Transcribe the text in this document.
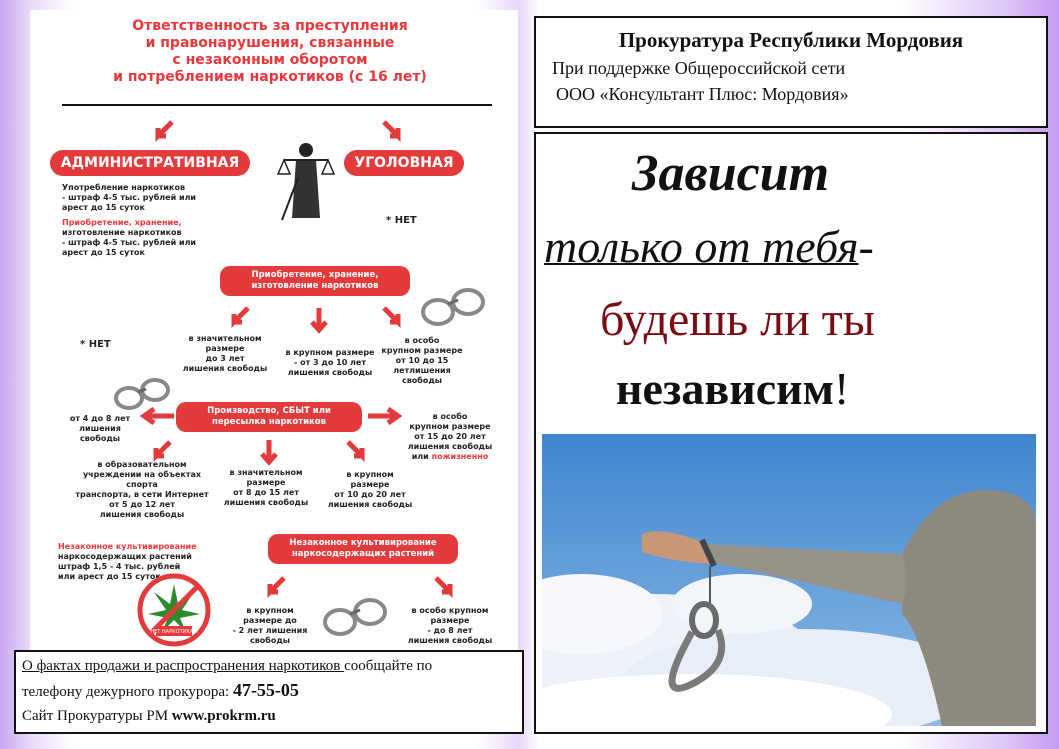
Ответственность за преступления
и правонарушения, связанные
с незаконным оборотом
и потреблением наркотиков (с 16 лет)
АДМИНИСТРАТИВНАЯ	УГОЛОВНАЯ
Употребление наркотиков
- штраф 4-5 тыс. рублей или
арест до 15 суток
Приобретение, хранение,
изготовление наркотиков
- штраф 4-5 тыс. рублей или
арест до 15 суток
* НЕТ
Приобретение, хранение, изготовление наркотиков
* НЕТ
в значительном
размере
до 3 лет
лишения свободы
в крупном размере
- от 3 до 10 лет
лишения свободы
в особо
крупном размере
от 10 до 15
летлишения
свободы
Производство, СБЫТ или пересылка наркотиков
от 4 до 8 лет
лишения свободы
в особо
крупном размере
от 15 до 20 лет
лишения свободы
или пожизненно
в образовательном
учреждении на объектах спорта
транспорта, в сети Интернет
от 5 до 12 лет
лишения свободы
в значительном
размере
от 8 до 15 лет
лишения свободы
в крупном
размере
от 10 до 20 лет
лишения свободы
Незаконное культивирование
наркосодержащих растений
штраф 1,5 - 4 тыс. рублей
или арест до 15 суток
Незаконное культивирование наркосодержащих растений
НЕТ НАРКОТИКАМ
в крупном
размере до
- 2 лет лишения
свободы
в особо крупном
размере
- до 8 лет
лишения свободы
О фактах продажи и распространения наркотиков сообщайте по
телефону дежурного прокурора: 47-55-05
Сайт Прокуратуры РМ www.prokrm.ru
Прокуратура Республики Мордовия
При поддержке Общероссийской сети
ООО «Консультант Плюс: Мордовия»
Зависит
только от тебя-
будешь ли ты
независим!
